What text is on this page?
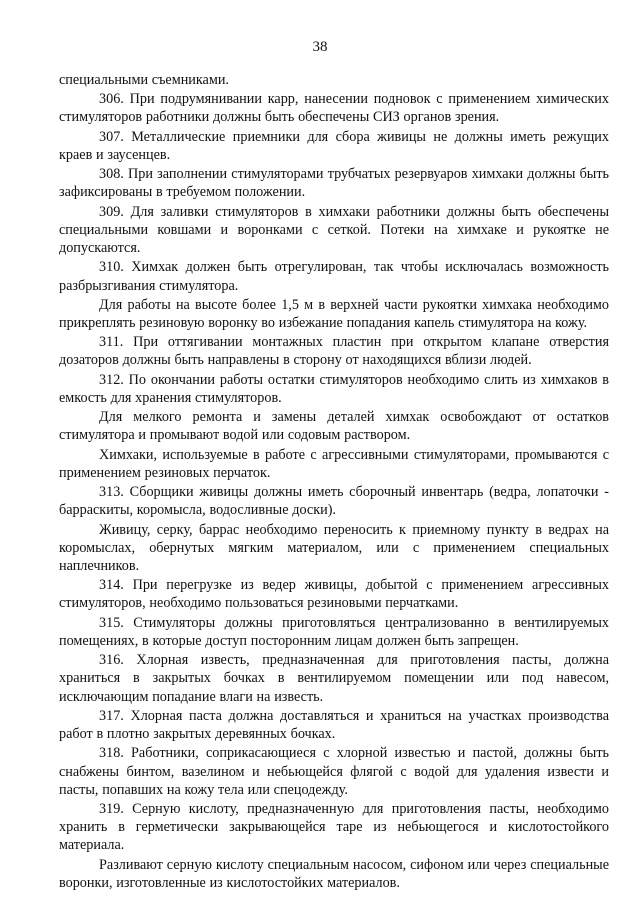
38

специальными съемниками.

306. При подрумянивании карр, нанесении подновок с применением химических стимуляторов работники должны быть обеспечены СИЗ органов зрения.

307. Металлические приемники для сбора живицы не должны иметь режущих краев и заусенцев.

308. При заполнении стимуляторами трубчатых резервуаров химхаки должны быть зафиксированы в требуемом положении.

309. Для заливки стимуляторов в химхаки работники должны быть обеспечены специальными ковшами и воронками с сеткой. Потеки на химхаке и рукоятке не допускаются.

310. Химхак должен быть отрегулирован, так чтобы исключалась возможность разбрызгивания стимулятора.

Для работы на высоте более 1,5 м в верхней части рукоятки химхака необходимо прикреплять резиновую воронку во избежание попадания капель стимулятора на кожу.

311. При оттягивании монтажных пластин при открытом клапане отверстия дозаторов должны быть направлены в сторону от находящихся вблизи людей.

312. По окончании работы остатки стимуляторов необходимо слить из химхаков в емкость для хранения стимуляторов.

Для мелкого ремонта и замены деталей химхак освобождают от остатков стимулятора и промывают водой или содовым раствором.

Химхаки, используемые в работе с агрессивными стимуляторами, промываются с применением резиновых перчаток.

313. Сборщики живицы должны иметь сборочный инвентарь (ведра, лопаточки - барраскиты, коромысла, водосливные доски).

Живицу, серку, баррас необходимо переносить к приемному пункту в ведрах на коромыслах, обернутых мягким материалом, или с применением специальных наплечников.

314. При перегрузке из ведер живицы, добытой с применением агрессивных стимуляторов, необходимо пользоваться резиновыми перчатками.

315. Стимуляторы должны приготовляться централизованно в вентилируемых помещениях, в которые доступ посторонним лицам должен быть запрещен.

316. Хлорная известь, предназначенная для приготовления пасты, должна храниться в закрытых бочках в вентилируемом помещении или под навесом, исключающим попадание влаги на известь.

317. Хлорная паста должна доставляться и храниться на участках производства работ в плотно закрытых деревянных бочках.

318. Работники, соприкасающиеся с хлорной известью и пастой, должны быть снабжены бинтом, вазелином и небьющейся флягой с водой для удаления извести и пасты, попавших на кожу тела или спецодежду.

319. Серную кислоту, предназначенную для приготовления пасты, необходимо хранить в герметически закрывающейся таре из небьющегося и кислотостойкого материала.

Разливают серную кислоту специальным насосом, сифоном или через специальные воронки, изготовленные из кислотостойких материалов.
